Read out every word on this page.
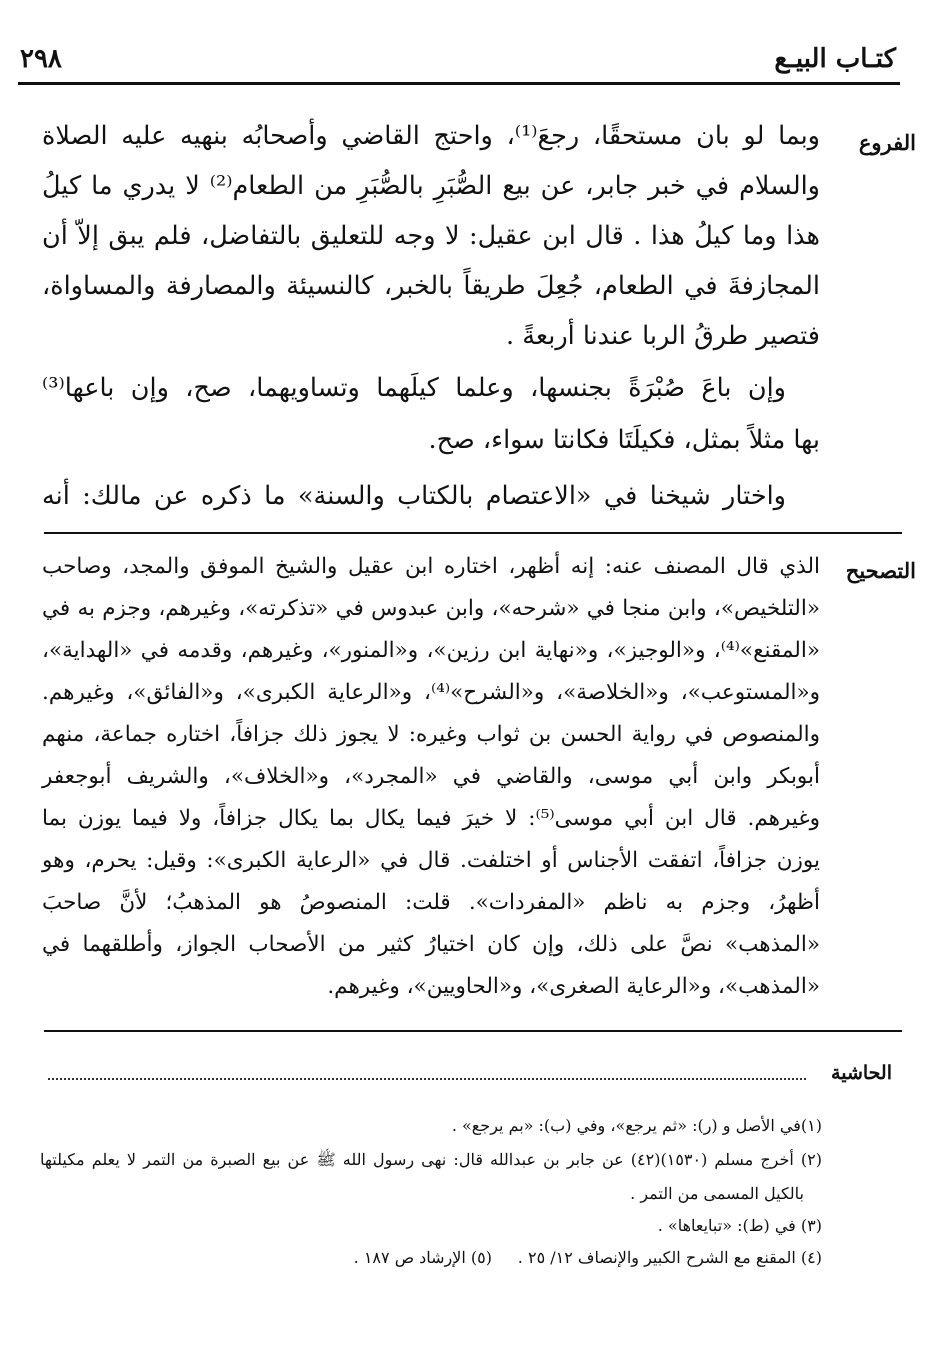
كتـاب البيـع
٢٩٨
الفروع
وبما لو بان مستحقًا، رجعَ⁽¹⁾، واحتج القاضي وأصحابُه بنهيه عليه الصلاة
والسلام في خبر جابر، عن بيع الصُّبَرِ بالصُّبَرِ من الطعام⁽²⁾ لا يدري ما كيلُ
هذا وما كيلُ هذا . قال ابن عقيل: لا وجه للتعليق بالتفاضل، فلم يبق إلاّ أن
المجازفةَ في الطعام، جُعِلَ طريقاً بالخبر، كالنسيئة والمصارفة والمساواة،
فتصير طرقُ الربا عندنا أربعةً .
وإن باعَ صُبْرَةً بجنسها، وعلما كيلَهما وتساويهما، صح، وإن باعها⁽³⁾
بها مثلاً بمثل، فكيلَتَا فكانتا سواء، صح.
واختار شيخنا في «الاعتصام بالكتاب والسنة» ما ذكره عن مالك: أنه
التصحيح
الذي قال المصنف عنه: إنه أظهر، اختاره ابن عقيل والشيخ الموفق والمجد، وصاحب
«التلخيص»، وابن منجا في «شرحه»، وابن عبدوس في «تذكرته»، وغيرهم، وجزم به في
«المقنع»⁽⁴⁾، و«الوجيز»، و«نهاية ابن رزين»، و«المنور»، وغيرهم، وقدمه في «الهداية»،
و«المستوعب»، و«الخلاصة»، و«الشرح»⁽⁴⁾، و«الرعاية الكبرى»، و«الفائق»، وغيرهم.
والمنصوص في رواية الحسن بن ثواب وغيره: لا يجوز ذلك جزافاً، اختاره جماعة، منهم
أبوبكر وابن أبي موسى، والقاضي في «المجرد»، و«الخلاف»، والشريف أبوجعفر
وغيرهم. قال ابن أبي موسى⁽⁵⁾: لا خيرَ فيما يكال بما يكال جزافاً، ولا فيما يوزن بما
يوزن جزافاً، اتفقت الأجناس أو اختلفت. قال في «الرعاية الكبرى»: وقيل: يحرم، وهو
أظهرُ، وجزم به ناظم «المفردات». قلت: المنصوصُ هو المذهبُ؛ لأنَّ صاحبَ
«المذهب» نصَّ على ذلك، وإن كان اختيارُ كثير من الأصحاب الجواز، وأطلقهما في
«المذهب»، و«الرعاية الصغرى»، و«الحاويين»، وغيرهم.
الحاشية
(١)في الأصل و (ر): «ثم يرجع»، وفي (ب): «بم يرجع» .
(٢) أخرج مسلم (١٥٣٠)(٤٢) عن جابر بن عبدالله قال: نهى رسول الله ﷺ عن بيع الصبرة من التمر لا يعلم مكيلتها
بالكيل المسمى من التمر .
(٣) في (ط): «تبايعاها» .
(٤) المقنع مع الشرح الكبير والإنصاف ١٢/ ٢٥ .
(٥) الإرشاد ص ١٨٧ .
